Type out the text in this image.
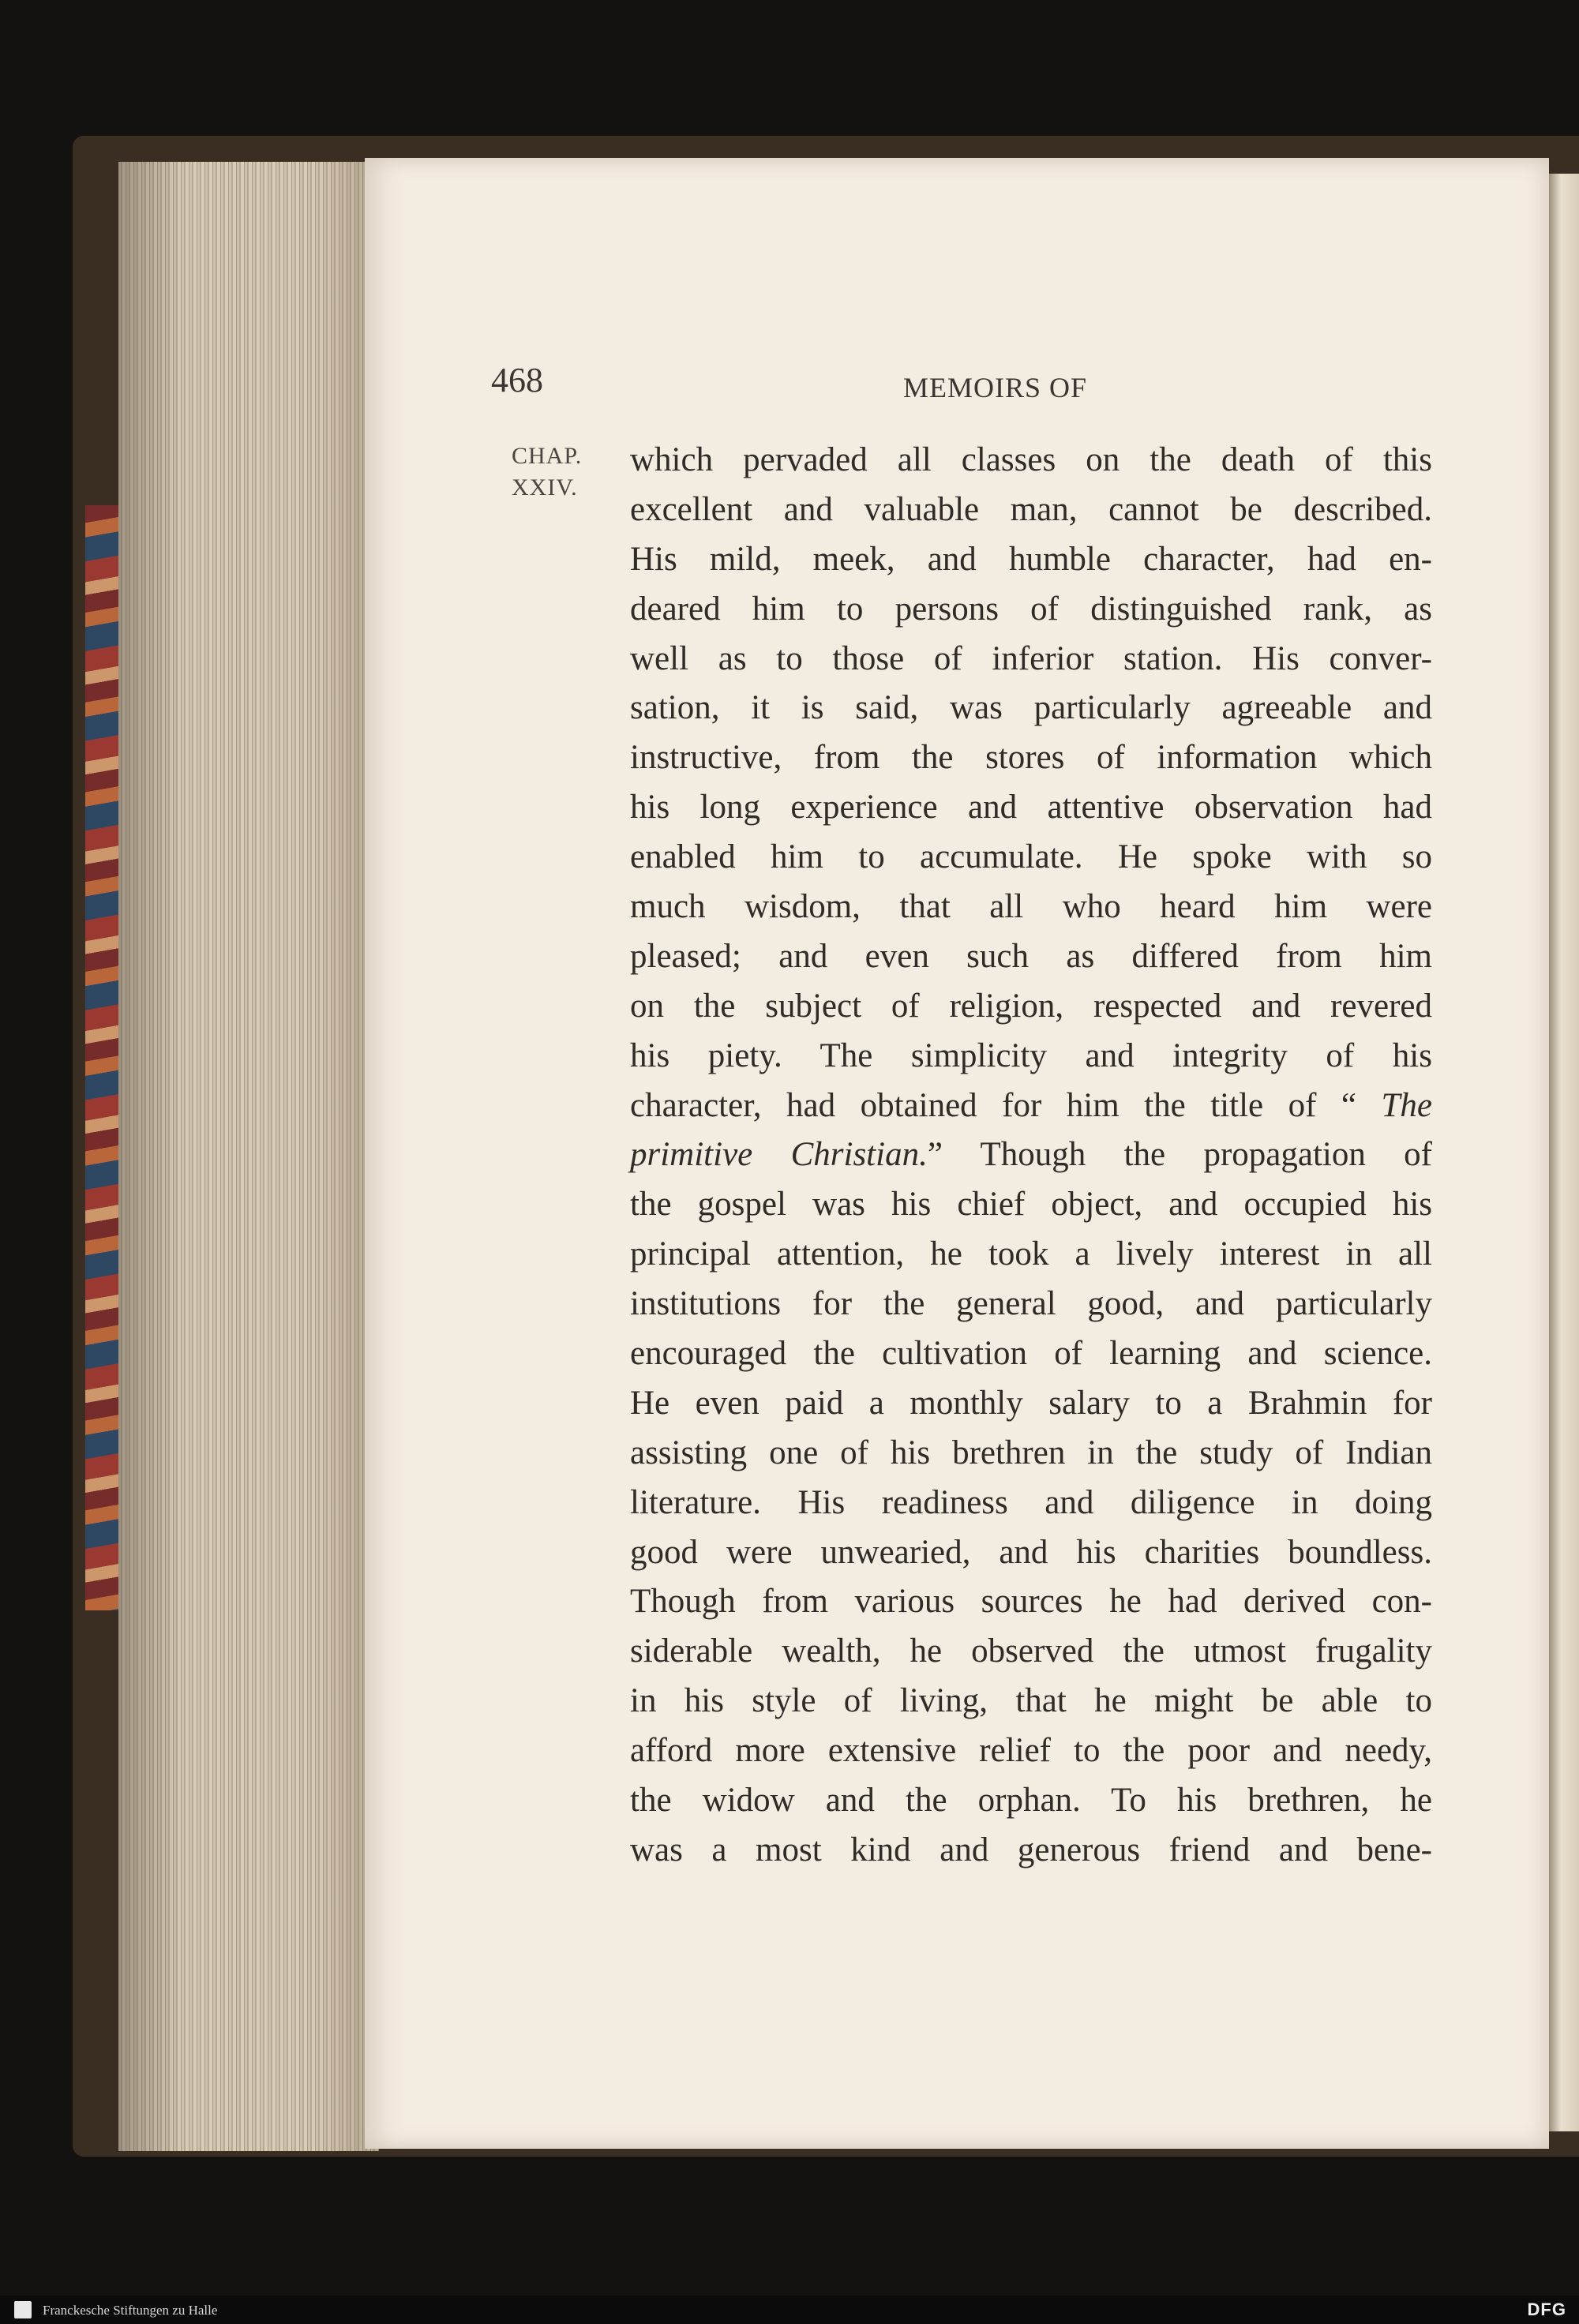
468	MEMOIRS OF
CHAP.
XXIV.
which pervaded all classes on the death of this
excellent and valuable man, cannot be described.
His mild, meek, and humble character, had en-
deared him to persons of distinguished rank, as
well as to those of inferior station. His conver-
sation, it is said, was particularly agreeable and
instructive, from the stores of information which
his long experience and attentive observation had
enabled him to accumulate. He spoke with so
much wisdom, that all who heard him were
pleased; and even such as differed from him
on the subject of religion, respected and revered
his piety. The simplicity and integrity of his
character, had obtained for him the title of “ The
primitive Christian.” Though the propagation of
the gospel was his chief object, and occupied his
principal attention, he took a lively interest in all
institutions for the general good, and particularly
encouraged the cultivation of learning and science.
He even paid a monthly salary to a Brahmin for
assisting one of his brethren in the study of Indian
literature. His readiness and diligence in doing
good were unwearied, and his charities boundless.
Though from various sources he had derived con-
siderable wealth, he observed the utmost frugality
in his style of living, that he might be able to
afford more extensive relief to the poor and needy,
the widow and the orphan. To his brethren, he
was a most kind and generous friend and bene-
Franckesche Stiftungen zu Halle	DFG
